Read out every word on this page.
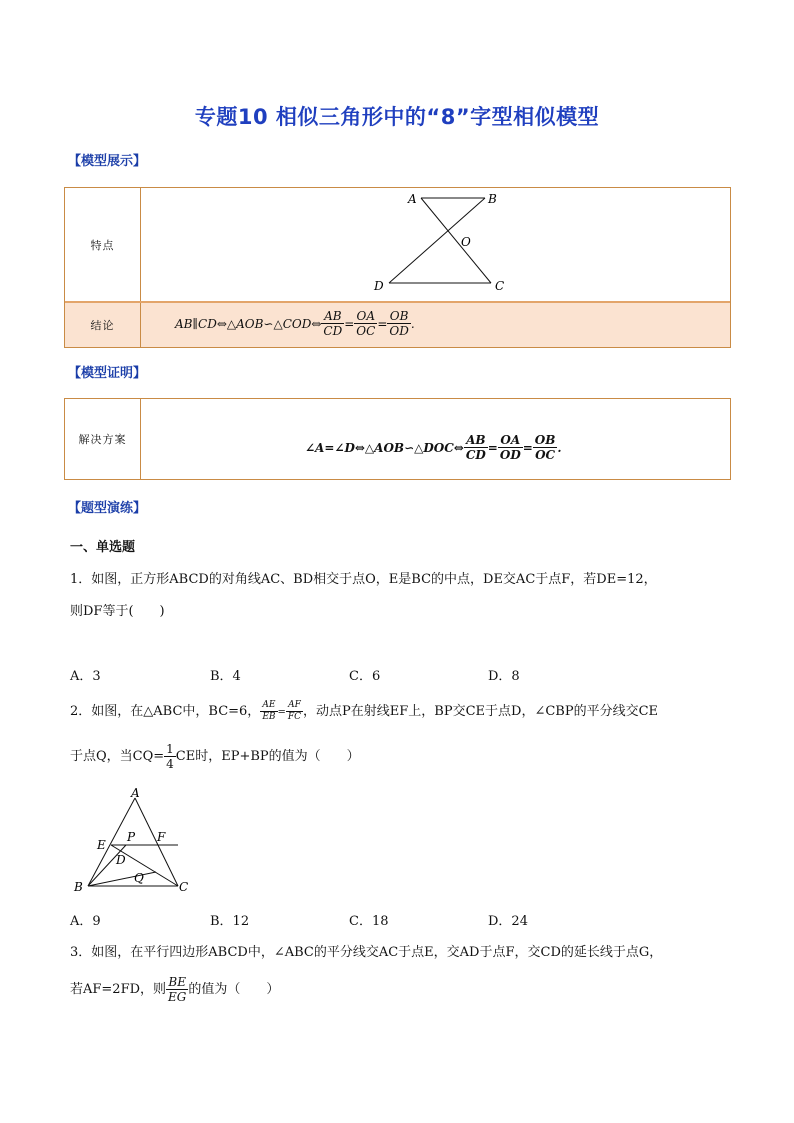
专题10 相似三角形中的“8”字型相似模型
【模型展示】
特点
A	B
O
D	C
结论	AB∥CD⇔△AOB∽△COD⇔ $\frac{AB}{CD} = \frac{OA}{OC} = \frac{OB}{OD}$ .
【模型证明】
解决方案
∠A=∠D⇔△AOB∽△DOC⇔ $\frac{AB}{CD} = \frac{OA}{OD} = \frac{OB}{OC}$ .
【题型演练】
一、单选题
1．如图，正方形ABCD的对角线AC、BD相交于点O，E是BC的中点，DE交AC于点F，若DE=12，
则DF等于(　　)
A．3	B．4	C．6	D．8
2．如图，在△ABC中，BC=6， $\frac{AE}{EB} = \frac{AF}{FC}$ ，动点P在射线EF上，BP交CE于点D，∠CBP的平分线交CE
于点Q，当$CQ= \frac{1}{4}$ CE时，EP+BP的值为（　　）
A
E
P F
D
Q
B	C
A．9	B．12	C．18	D．24
3．如图，在平行四边形ABCD中，∠ABC的平分线交AC于点E，交AD于点F，交CD的延长线于点G，
若AF=2FD，则 $\frac{BE}{EG}$ 的值为（　　）
